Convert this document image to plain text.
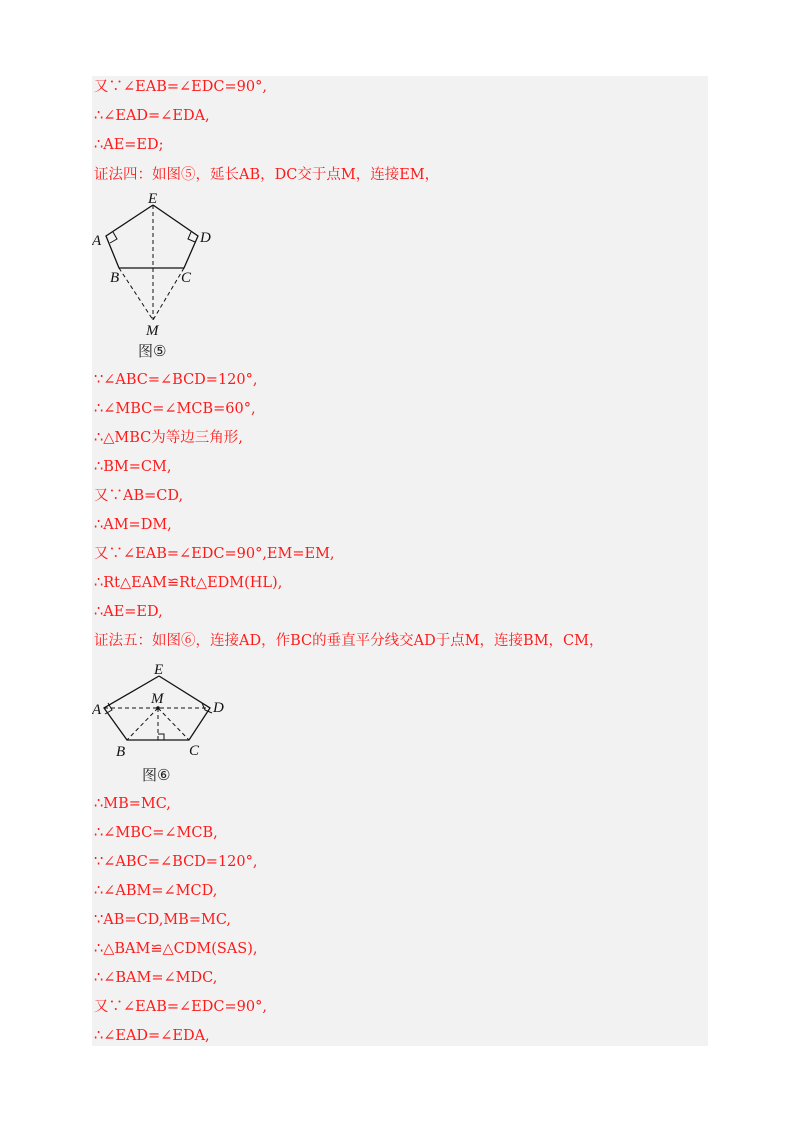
又∵∠EAB=∠EDC=90°,
∴∠EAD=∠EDA,
∴AE=ED;
证法四：如图⑤，延长AB，DC交于点M，连接EM，
E
A	D
B	C
M
图⑤
∵∠ABC=∠BCD=120°,
∴∠MBC=∠MCB=60°,
∴△MBC为等边三角形,
∴BM=CM,
又∵AB=CD,
∴AM=DM,
又∵∠EAB=∠EDC=90°,EM=EM,
∴Rt△EAM≌Rt△EDM(HL),
∴AE=ED,
证法五：如图⑥，连接AD，作BC的垂直平分线交AD于点M，连接BM，CM，
E
M
A	D
B	C
图⑥
∴MB=MC,
∴∠MBC=∠MCB,
∵∠ABC=∠BCD=120°,
∴∠ABM=∠MCD,
∵AB=CD,MB=MC,
∴△BAM≌△CDM(SAS),
∴∠BAM=∠MDC,
又∵∠EAB=∠EDC=90°,
∴∠EAD=∠EDA,
